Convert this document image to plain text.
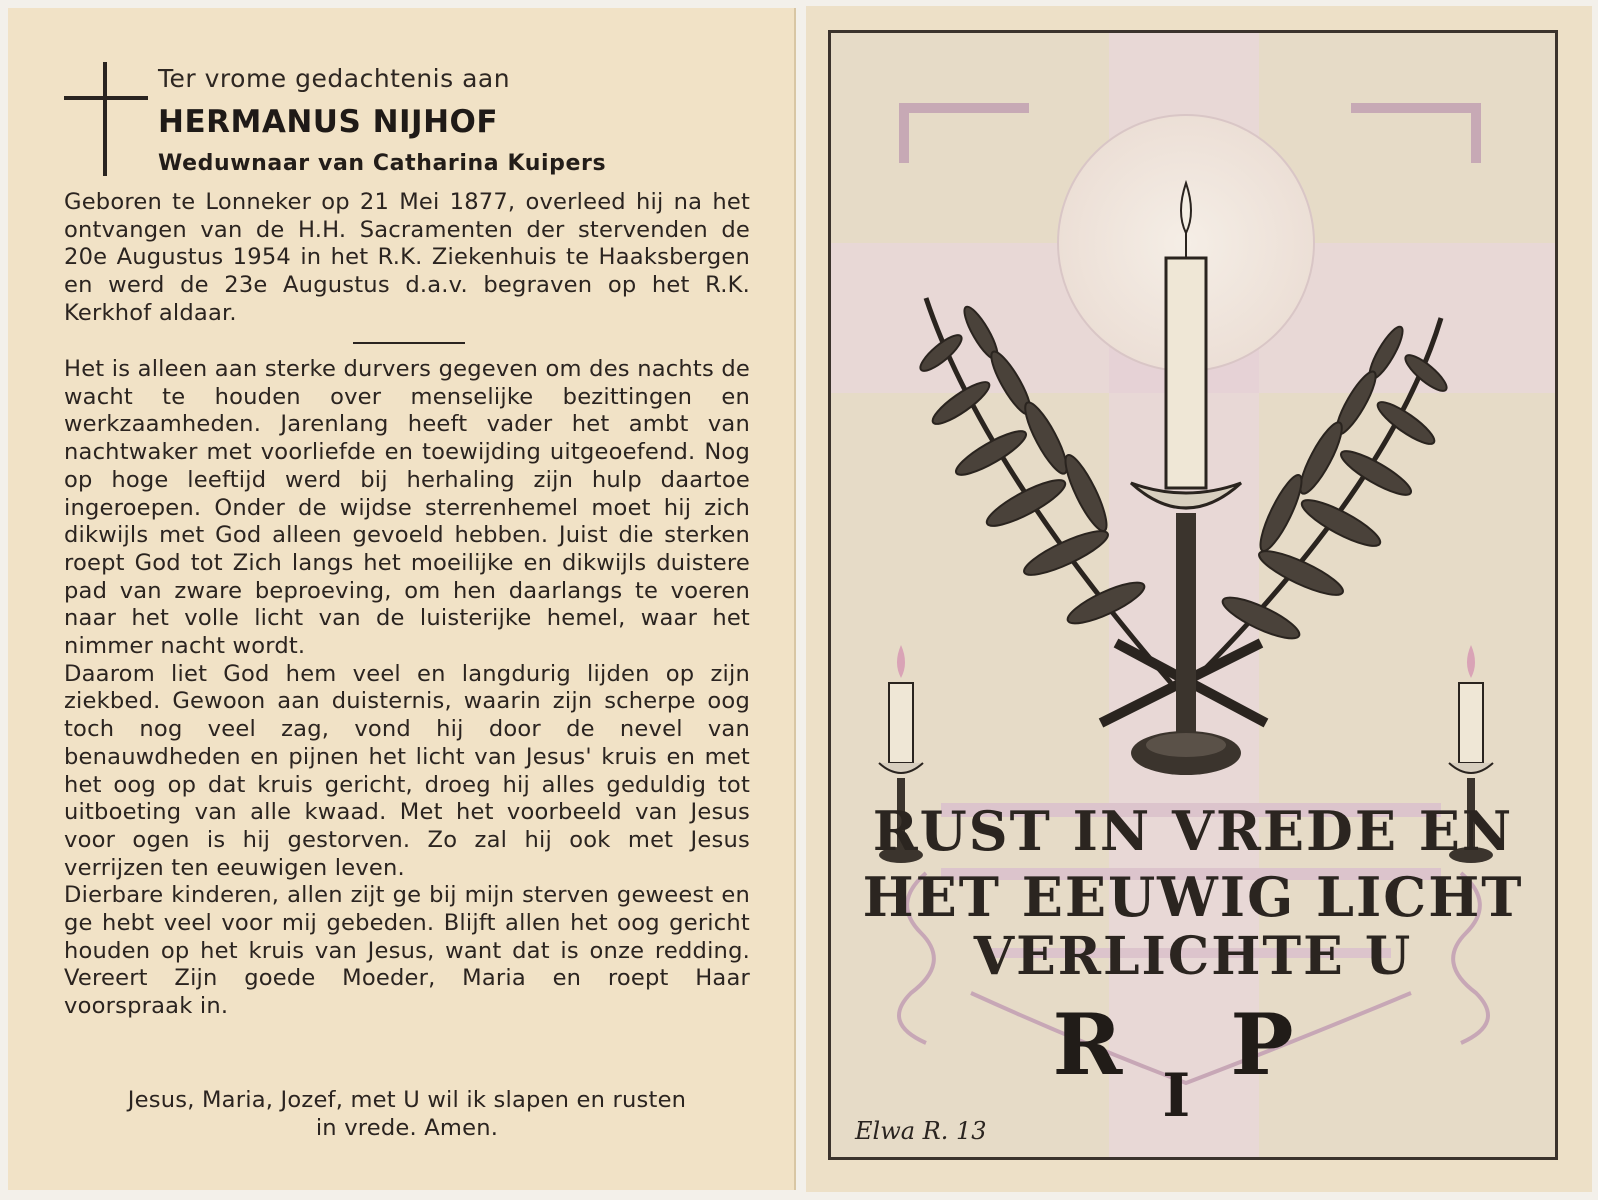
Ter vrome gedachtenis aan
HERMANUS NIJHOF
Weduwnaar van Catharina Kuipers

Geboren te Lonneker op 21 Mei 1877, overleed hij na het ontvangen van de H.H. Sacramenten der stervenden de 20e Augustus 1954 in het R.K. Ziekenhuis te Haaksbergen en werd de 23e Augustus d.a.v. begraven op het R.K. Kerkhof aldaar.

Het is alleen aan sterke durvers gegeven om des nachts de wacht te houden over menselijke bezittingen en werkzaamheden. Jarenlang heeft vader het ambt van nachtwaker met voorliefde en toewijding uitgeoefend. Nog op hoge leeftijd werd bij herhaling zijn hulp daartoe ingeroepen. Onder de wijdse sterrenhemel moet hij zich dikwijls met God alleen gevoeld hebben. Juist die sterken roept God tot Zich langs het moeilijke en dikwijls duistere pad van zware beproeving, om hen daarlangs te voeren naar het volle licht van de luisterijke hemel, waar het nimmer nacht wordt.

Daarom liet God hem veel en langdurig lijden op zijn ziekbed. Gewoon aan duisternis, waarin zijn scherpe oog toch nog veel zag, vond hij door de nevel van benauwdheden en pijnen het licht van Jesus' kruis en met het oog op dat kruis gericht, droeg hij alles geduldig tot uitboeting van alle kwaad. Met het voorbeeld van Jesus voor ogen is hij gestorven. Zo zal hij ook met Jesus verrijzen ten eeuwigen leven.

Dierbare kinderen, allen zijt ge bij mijn sterven geweest en ge hebt veel voor mij gebeden. Blijft allen het oog gericht houden op het kruis van Jesus, want dat is onze redding. Vereert Zijn goede Moeder, Maria en roept Haar voorspraak in.

Jesus, Maria, Jozef, met U wil ik slapen en rusten
in vrede. Amen.
RUST IN VREDE EN
HET EEUWIG LICHT
VERLICHTE U
RIP
Elwa R. 13
